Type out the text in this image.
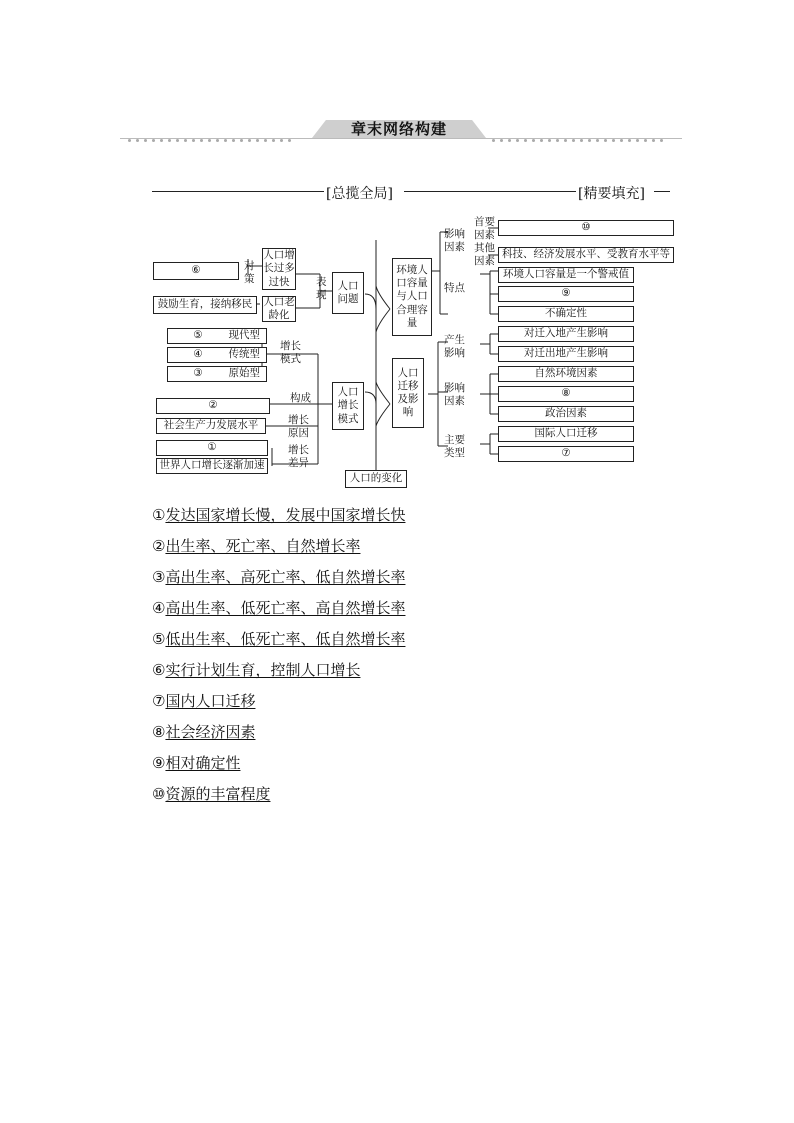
章末网络构建
[总揽全局]	[精要填充]
人口问题
表现
人口增长过多过快
对策
⑥
人口老龄化
鼓励生育，接纳移民
人口增长模式
增长模式
⑤	现代型
④	传统型
③	原始型
构成
②
增长原因
社会生产力发展水平
增长差异
①
世界人口增长逐渐加速
人口的变化
环境人口容量与人口合理容量
影响因素
首要因素
⑩
其他因素
科技、经济发展水平、受教育水平等
特点
环境人口容量是一个警戒值
⑨
不确定性
人口迁移及影响
产生影响
对迁入地产生影响
对迁出地产生影响
影响因素
自然环境因素
⑧
政治因素
主要类型
国际人口迁移
⑦
①发达国家增长慢，发展中国家增长快
②出生率、死亡率、自然增长率
③高出生率、高死亡率、低自然增长率
④高出生率、低死亡率、高自然增长率
⑤低出生率、低死亡率、低自然增长率
⑥实行计划生育，控制人口增长
⑦国内人口迁移
⑧社会经济因素
⑨相对确定性
⑩资源的丰富程度
